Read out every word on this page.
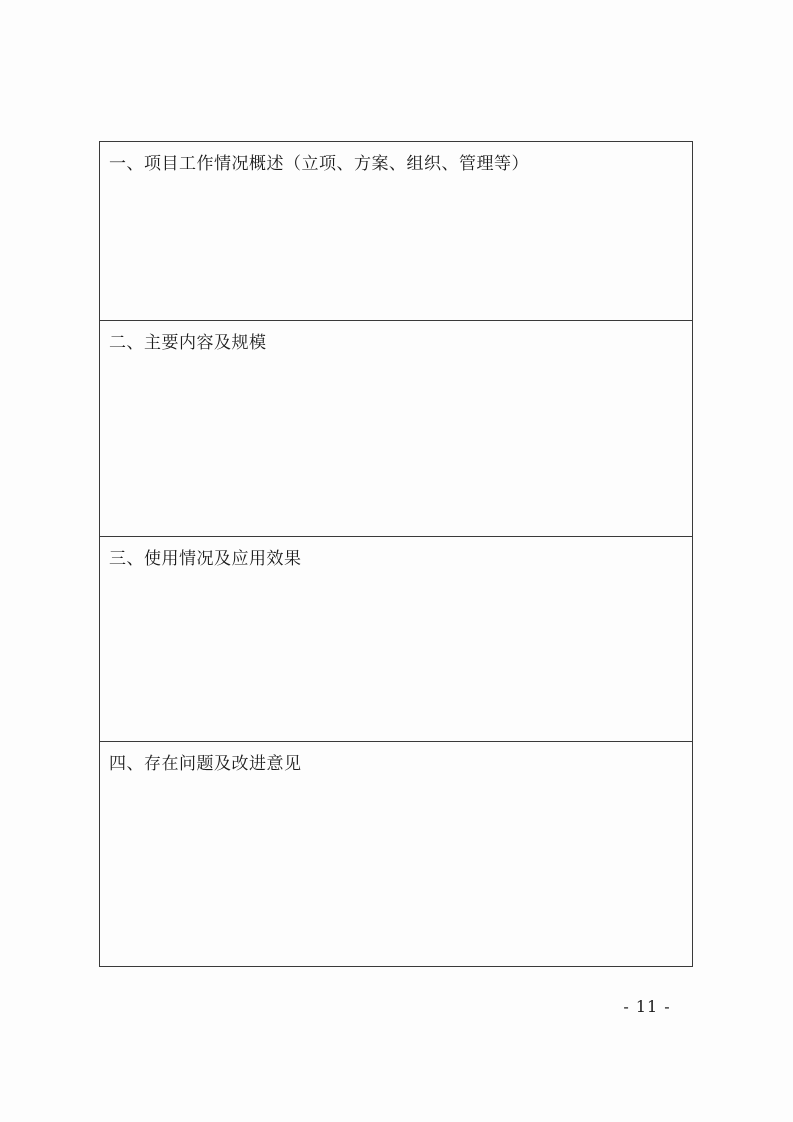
一、项目工作情况概述（立项、方案、组织、管理等）
二、主要内容及规模
三、使用情况及应用效果
四、存在问题及改进意见
- 11 -
